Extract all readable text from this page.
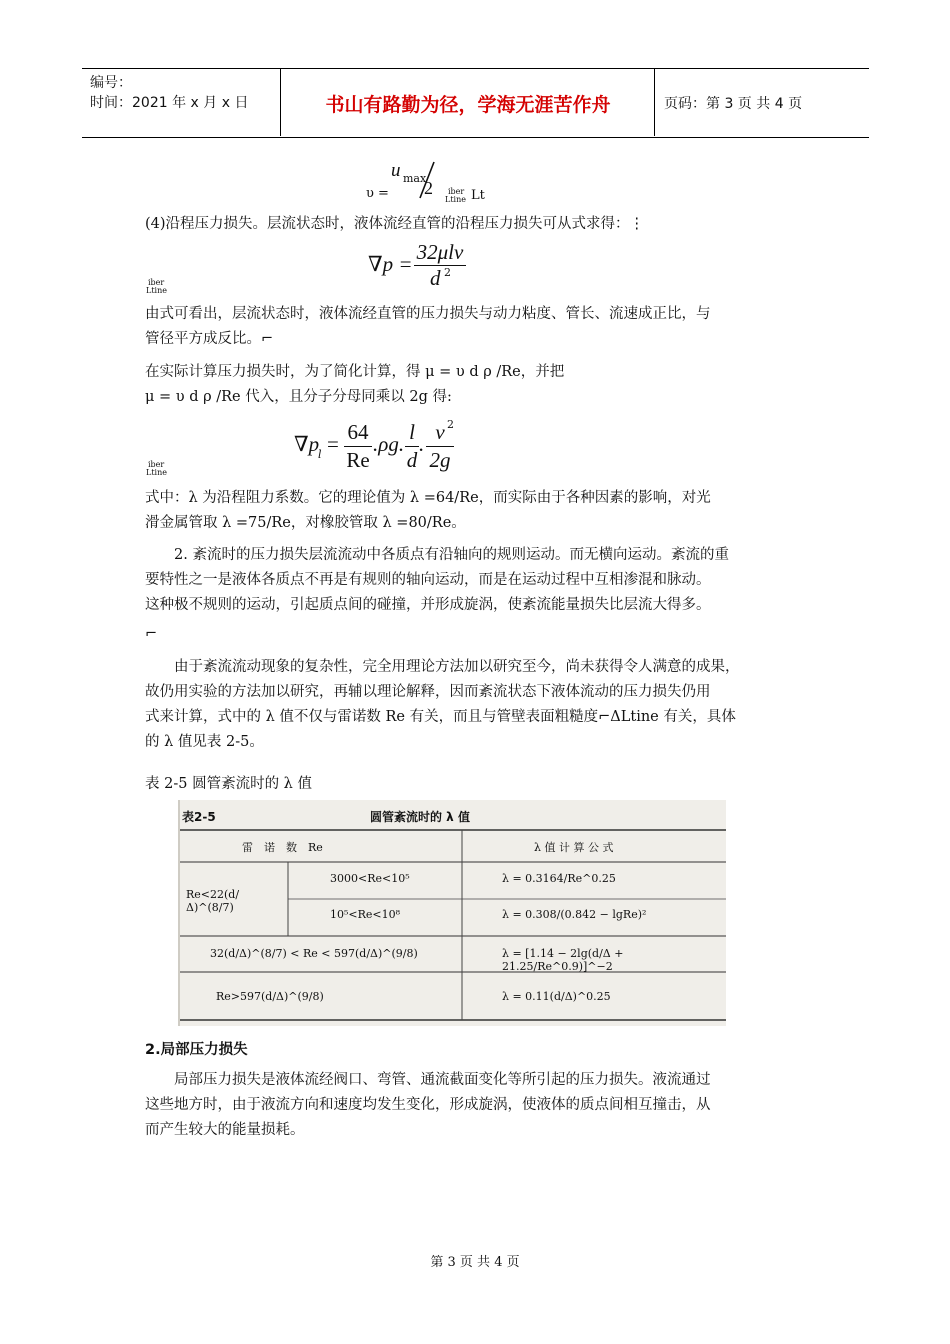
编号：
时间：2021 年 x 月 x 日	书山有路勤为径，学海无涯苦作舟	页码：第 3 页 共 4 页
υ =
u max
2 iber
Ltine Lt
(4)沿程压力损失。层流状态时，液体流经直管的沿程压力损失可从式求得：⋮
∇p = 32μlv
d 2
iber
Ltine
由式可看出，层流状态时，液体流经直管的压力损失与动力粘度、管长、流速成正比，与
管径平方成反比。⌐
在实际计算压力损失时，为了简化计算，得 μ = υ d ρ /Re，并把
μ = υ d ρ /Re 代入，且分子分母同乘以 2g 得:
∇p
l = 64
Re
.ρg. l
d
. v 2
2g
iber
Ltine
式中：λ 为沿程阻力系数。它的理论值为 λ =64/Re，而实际由于各种因素的影响，对光
滑金属管取 λ =75/Re，对橡胶管取 λ =80/Re。
2. 紊流时的压力损失层流流动中各质点有沿轴向的规则运动。而无横向运动。紊流的重
要特性之一是液体各质点不再是有规则的轴向运动，而是在运动过程中互相渗混和脉动。
这种极不规则的运动，引起质点间的碰撞，并形成旋涡，使紊流能量损失比层流大得多。
⌐
由于紊流流动现象的复杂性，完全用理论方法加以研究至今，尚未获得令人满意的成果，
故仍用实验的方法加以研究，再辅以理论解释，因而紊流状态下液体流动的压力损失仍用
式来计算，式中的 λ 值不仅与雷诺数 Re 有关，而且与管壁表面粗糙度⌐ΔLtine 有关，具体
的 λ 值见表 2-5。
表 2-5 圆管紊流时的 λ 值
表2-5	圆管紊流时的 λ 值
雷　诺　数　Re	λ 值 计 算 公 式
Re<22(d/Δ)^(8/7)
3000<Re<10⁵	λ = 0.3164/Re^0.25
10⁵<Re<10⁸	λ = 0.308/(0.842 − lgRe)²
32(d/Δ)^(8/7) < Re < 597(d/Δ)^(9/8)	λ = [1.14 − 2lg(d/Δ + 21.25/Re^0.9)]^−2
Re>597(d/Δ)^(9/8)	λ = 0.11(d/Δ)^0.25
2.局部压力损失
局部压力损失是液体流经阀口、弯管、通流截面变化等所引起的压力损失。液流通过
这些地方时，由于液流方向和速度均发生变化，形成旋涡，使液体的质点间相互撞击，从
而产生较大的能量损耗。
第 3 页 共 4 页
